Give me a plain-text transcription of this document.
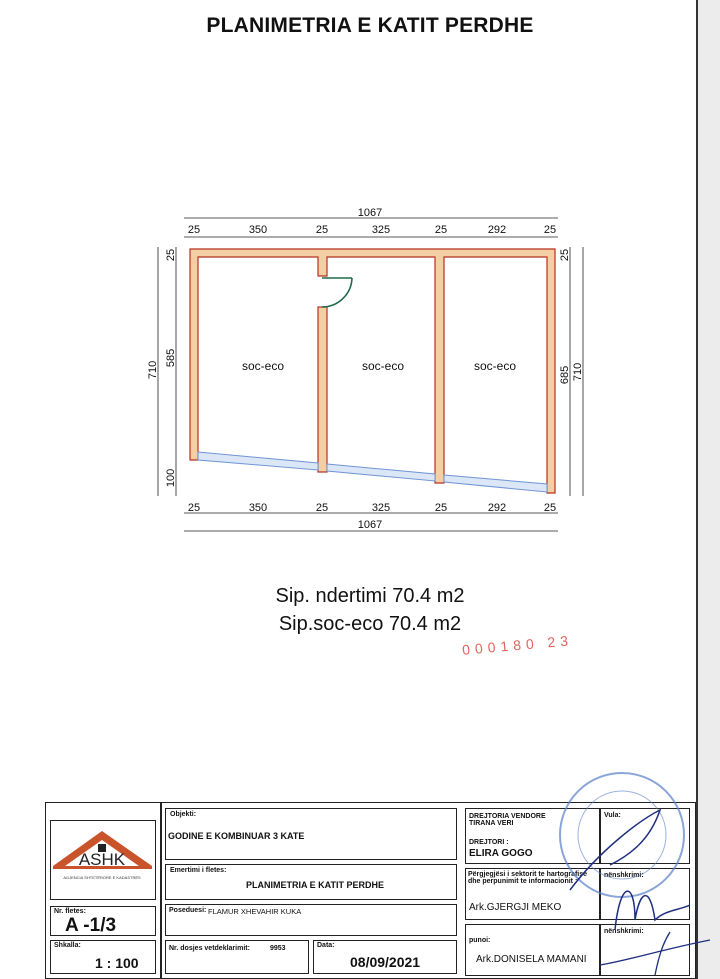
PLANIMETRIA E KATIT PERDHE
1067
25	350	25	325	25	292	25
25	350	25	325	25	292	25
1067
710
25
585
100
710
25
685
soc-eco	soc-eco	soc-eco
Sip. ndertimi 70.4 m2
Sip.soc-eco 70.4 m2
000180 23
ASHK
AGJENCIA SHTETËRORE E KADASTRËS
Nr. fletes:
A -1/3
Shkalla:
1 : 100
Objekti:
GODINE E KOMBINUAR 3 KATE
Emertimi i fletes:
PLANIMETRIA E KATIT PERDHE
Poseduesi: FLAMUR XHEVAHIR KUKA
Nr. dosjes vetdeklarimit:	9953	Data:
08/09/2021
DREJTORIA VENDORE TIRANA VERI
DREJTORI :
ELIRA GOGO
Vula:
Përgjegjësi i sektorit te hartografise dhe perpunimit te informacionit :
Ark.GJERGJI MEKO
nënshkrimi:
punoi:
Ark.DONISELA MAMANI
nënshkrimi:
